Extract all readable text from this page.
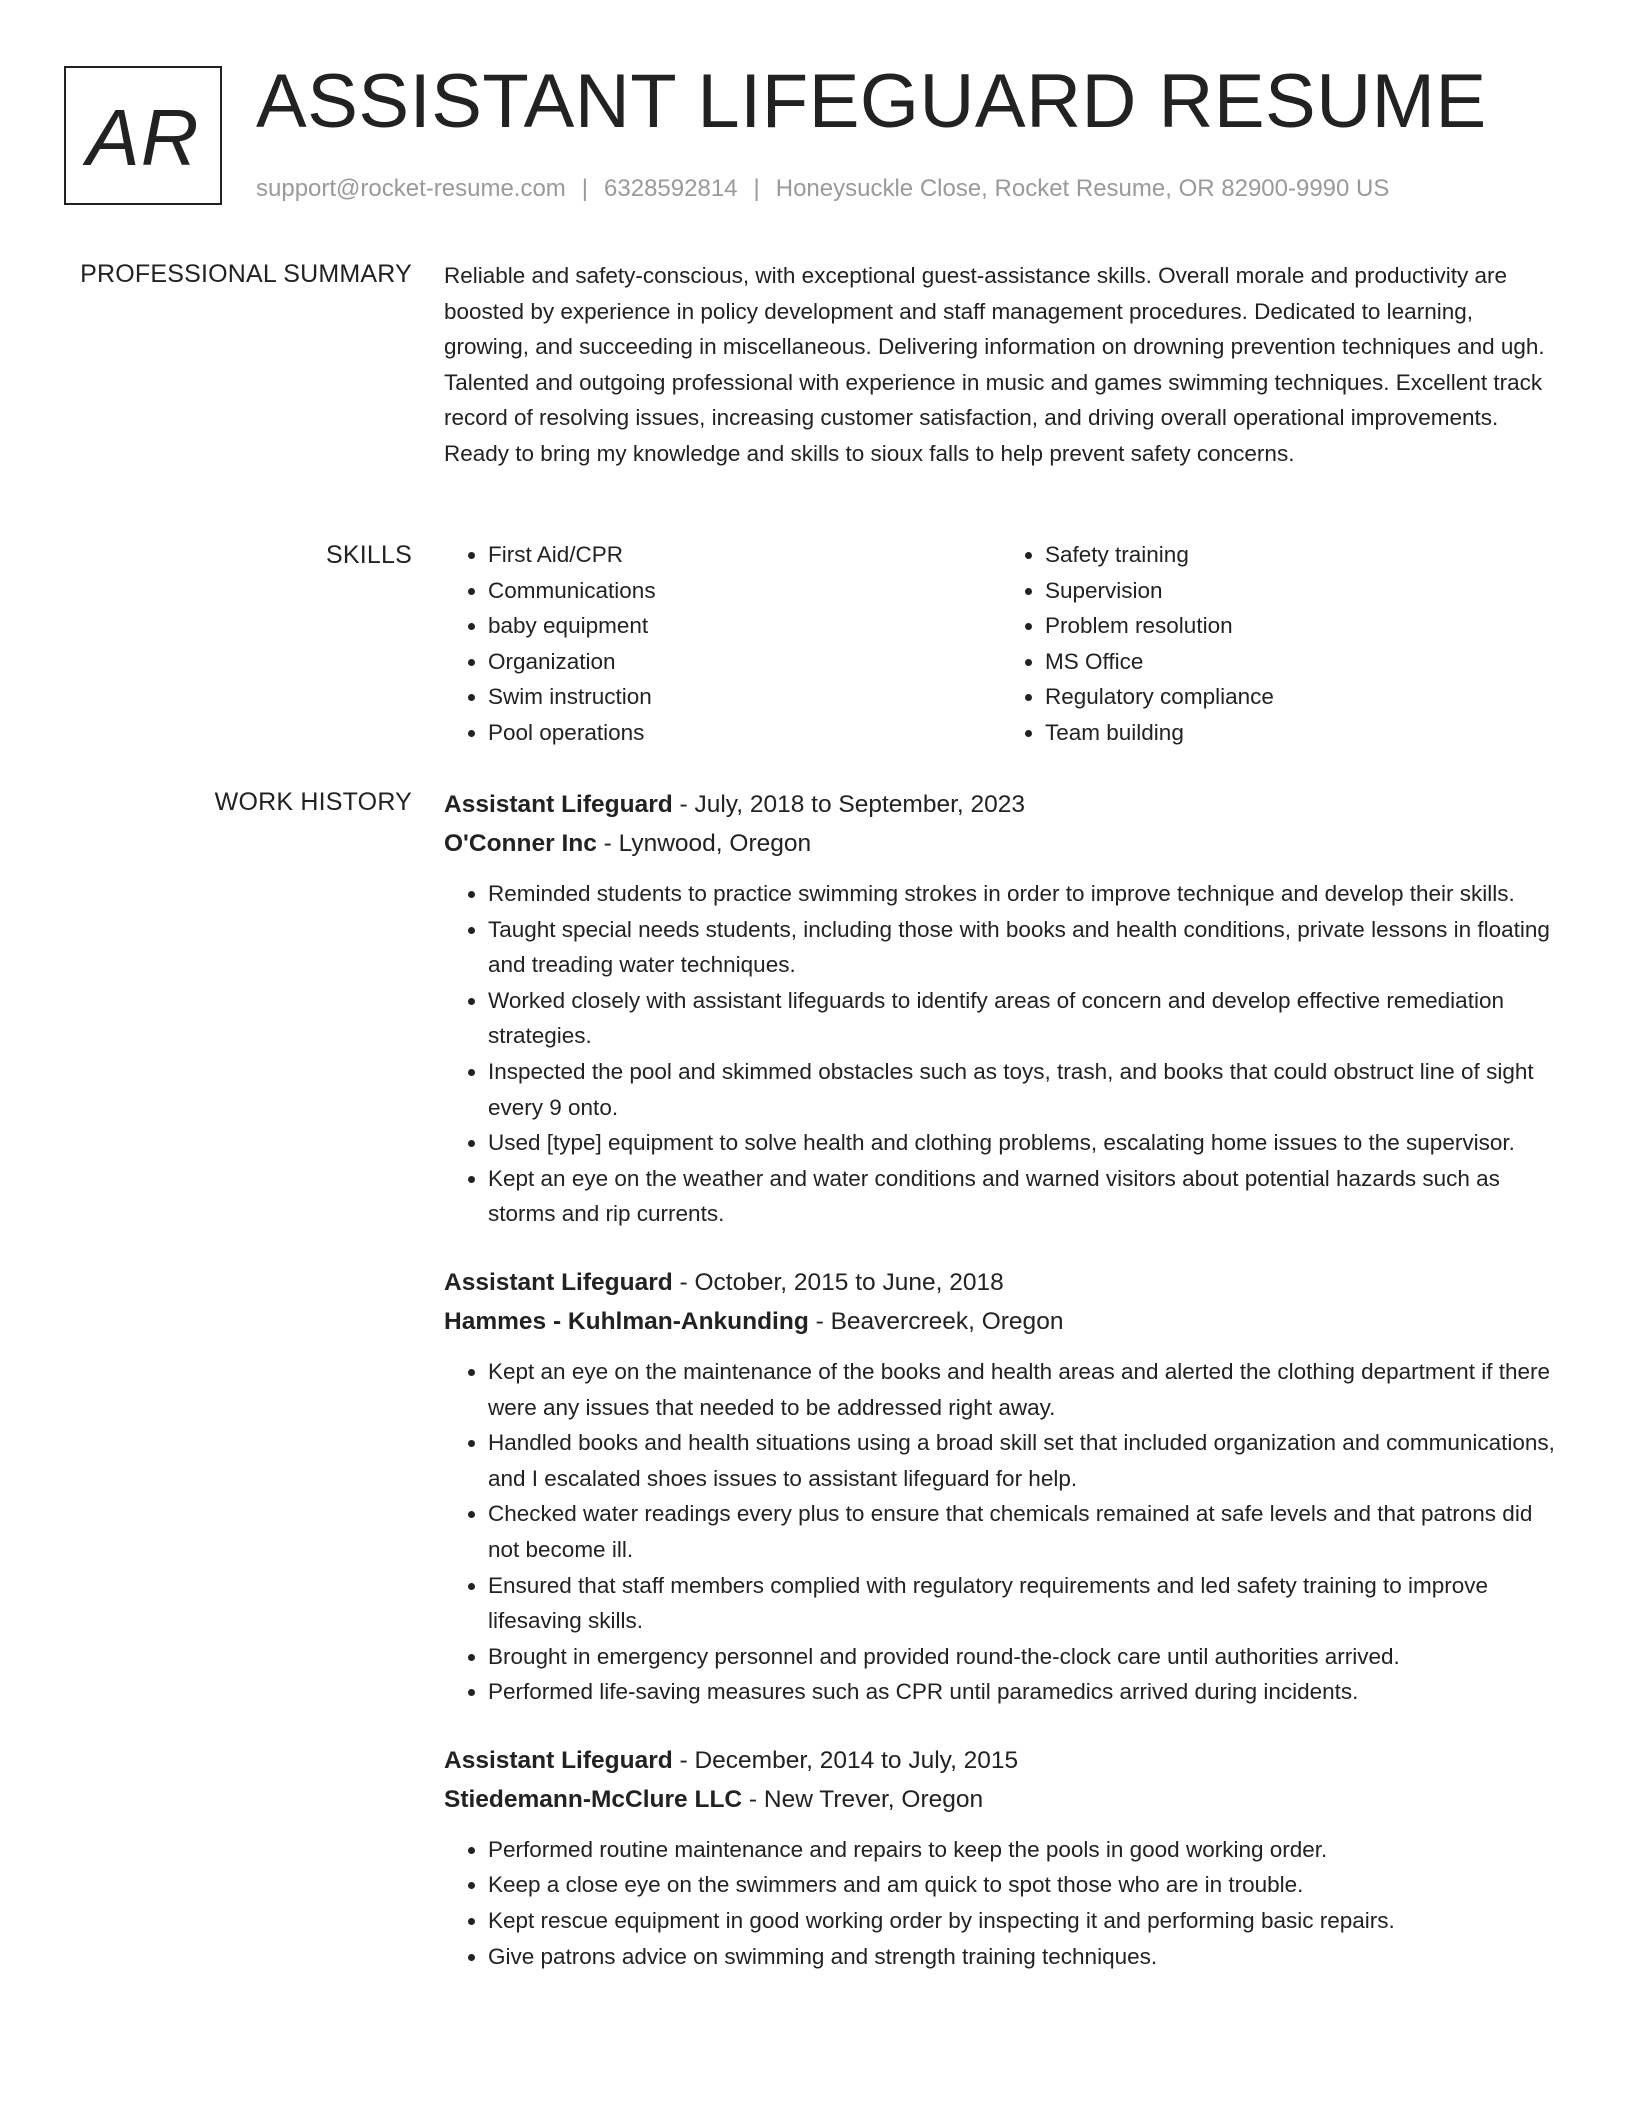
AR ASSISTANT LIFEGUARD RESUME
support@rocket-resume.com | 6328592814 | Honeysuckle Close, Rocket Resume, OR 82900-9990 US
PROFESSIONAL SUMMARY Reliable and safety-conscious, with exceptional guest-assistance skills. Overall morale and productivity are boosted by experience in policy development and staff management procedures. Dedicated to learning, growing, and succeeding in miscellaneous. Delivering information on drowning prevention techniques and ugh. Talented and outgoing professional with experience in music and games swimming techniques. Excellent track record of resolving issues, increasing customer satisfaction, and driving overall operational improvements. Ready to bring my knowledge and skills to sioux falls to help prevent safety concerns.

SKILLS
•	First Aid/CPR
• Communications
• baby equipment
• Organization
• Swim instruction
• Pool operations
• Safety training
• Supervision
• Problem resolution
• MS Office
• Regulatory compliance
• Team building
WORK HISTORY Assistant Lifeguard - July, 2018 to September, 2023
O'Conner Inc - Lynwood, Oregon
• Reminded students to practice swimming strokes in order to improve technique and develop their skills.
• Taught special needs students, including those with books and health conditions, private lessons in floating and treading water techniques.
• Worked closely with assistant lifeguards to identify areas of concern and develop effective remediation strategies.
• Inspected the pool and skimmed obstacles such as toys, trash, and books that could obstruct line of sight every 9 onto.
• Used [type] equipment to solve health and clothing problems, escalating home issues to the supervisor.
• Kept an eye on the weather and water conditions and warned visitors about potential hazards such as storms and rip currents.
Assistant Lifeguard - October, 2015 to June, 2018
Hammes - Kuhlman-Ankunding - Beavercreek, Oregon
• Kept an eye on the maintenance of the books and health areas and alerted the clothing department if there were any issues that needed to be addressed right away.
• Handled books and health situations using a broad skill set that included organization and communications, and I escalated shoes issues to assistant lifeguard for help.
• Checked water readings every plus to ensure that chemicals remained at safe levels and that patrons did not become ill.
• Ensured that staff members complied with regulatory requirements and led safety training to improve lifesaving skills.
• Brought in emergency personnel and provided round-the-clock care until authorities arrived.
• Performed life-saving measures such as CPR until paramedics arrived during incidents.
Assistant Lifeguard - December, 2014 to July, 2015
Stiedemann-McClure LLC - New Trever, Oregon
• Performed routine maintenance and repairs to keep the pools in good working order.
• Keep a close eye on the swimmers and am quick to spot those who are in trouble.
• Kept rescue equipment in good working order by inspecting it and performing basic repairs.
• Give patrons advice on swimming and strength training techniques.
